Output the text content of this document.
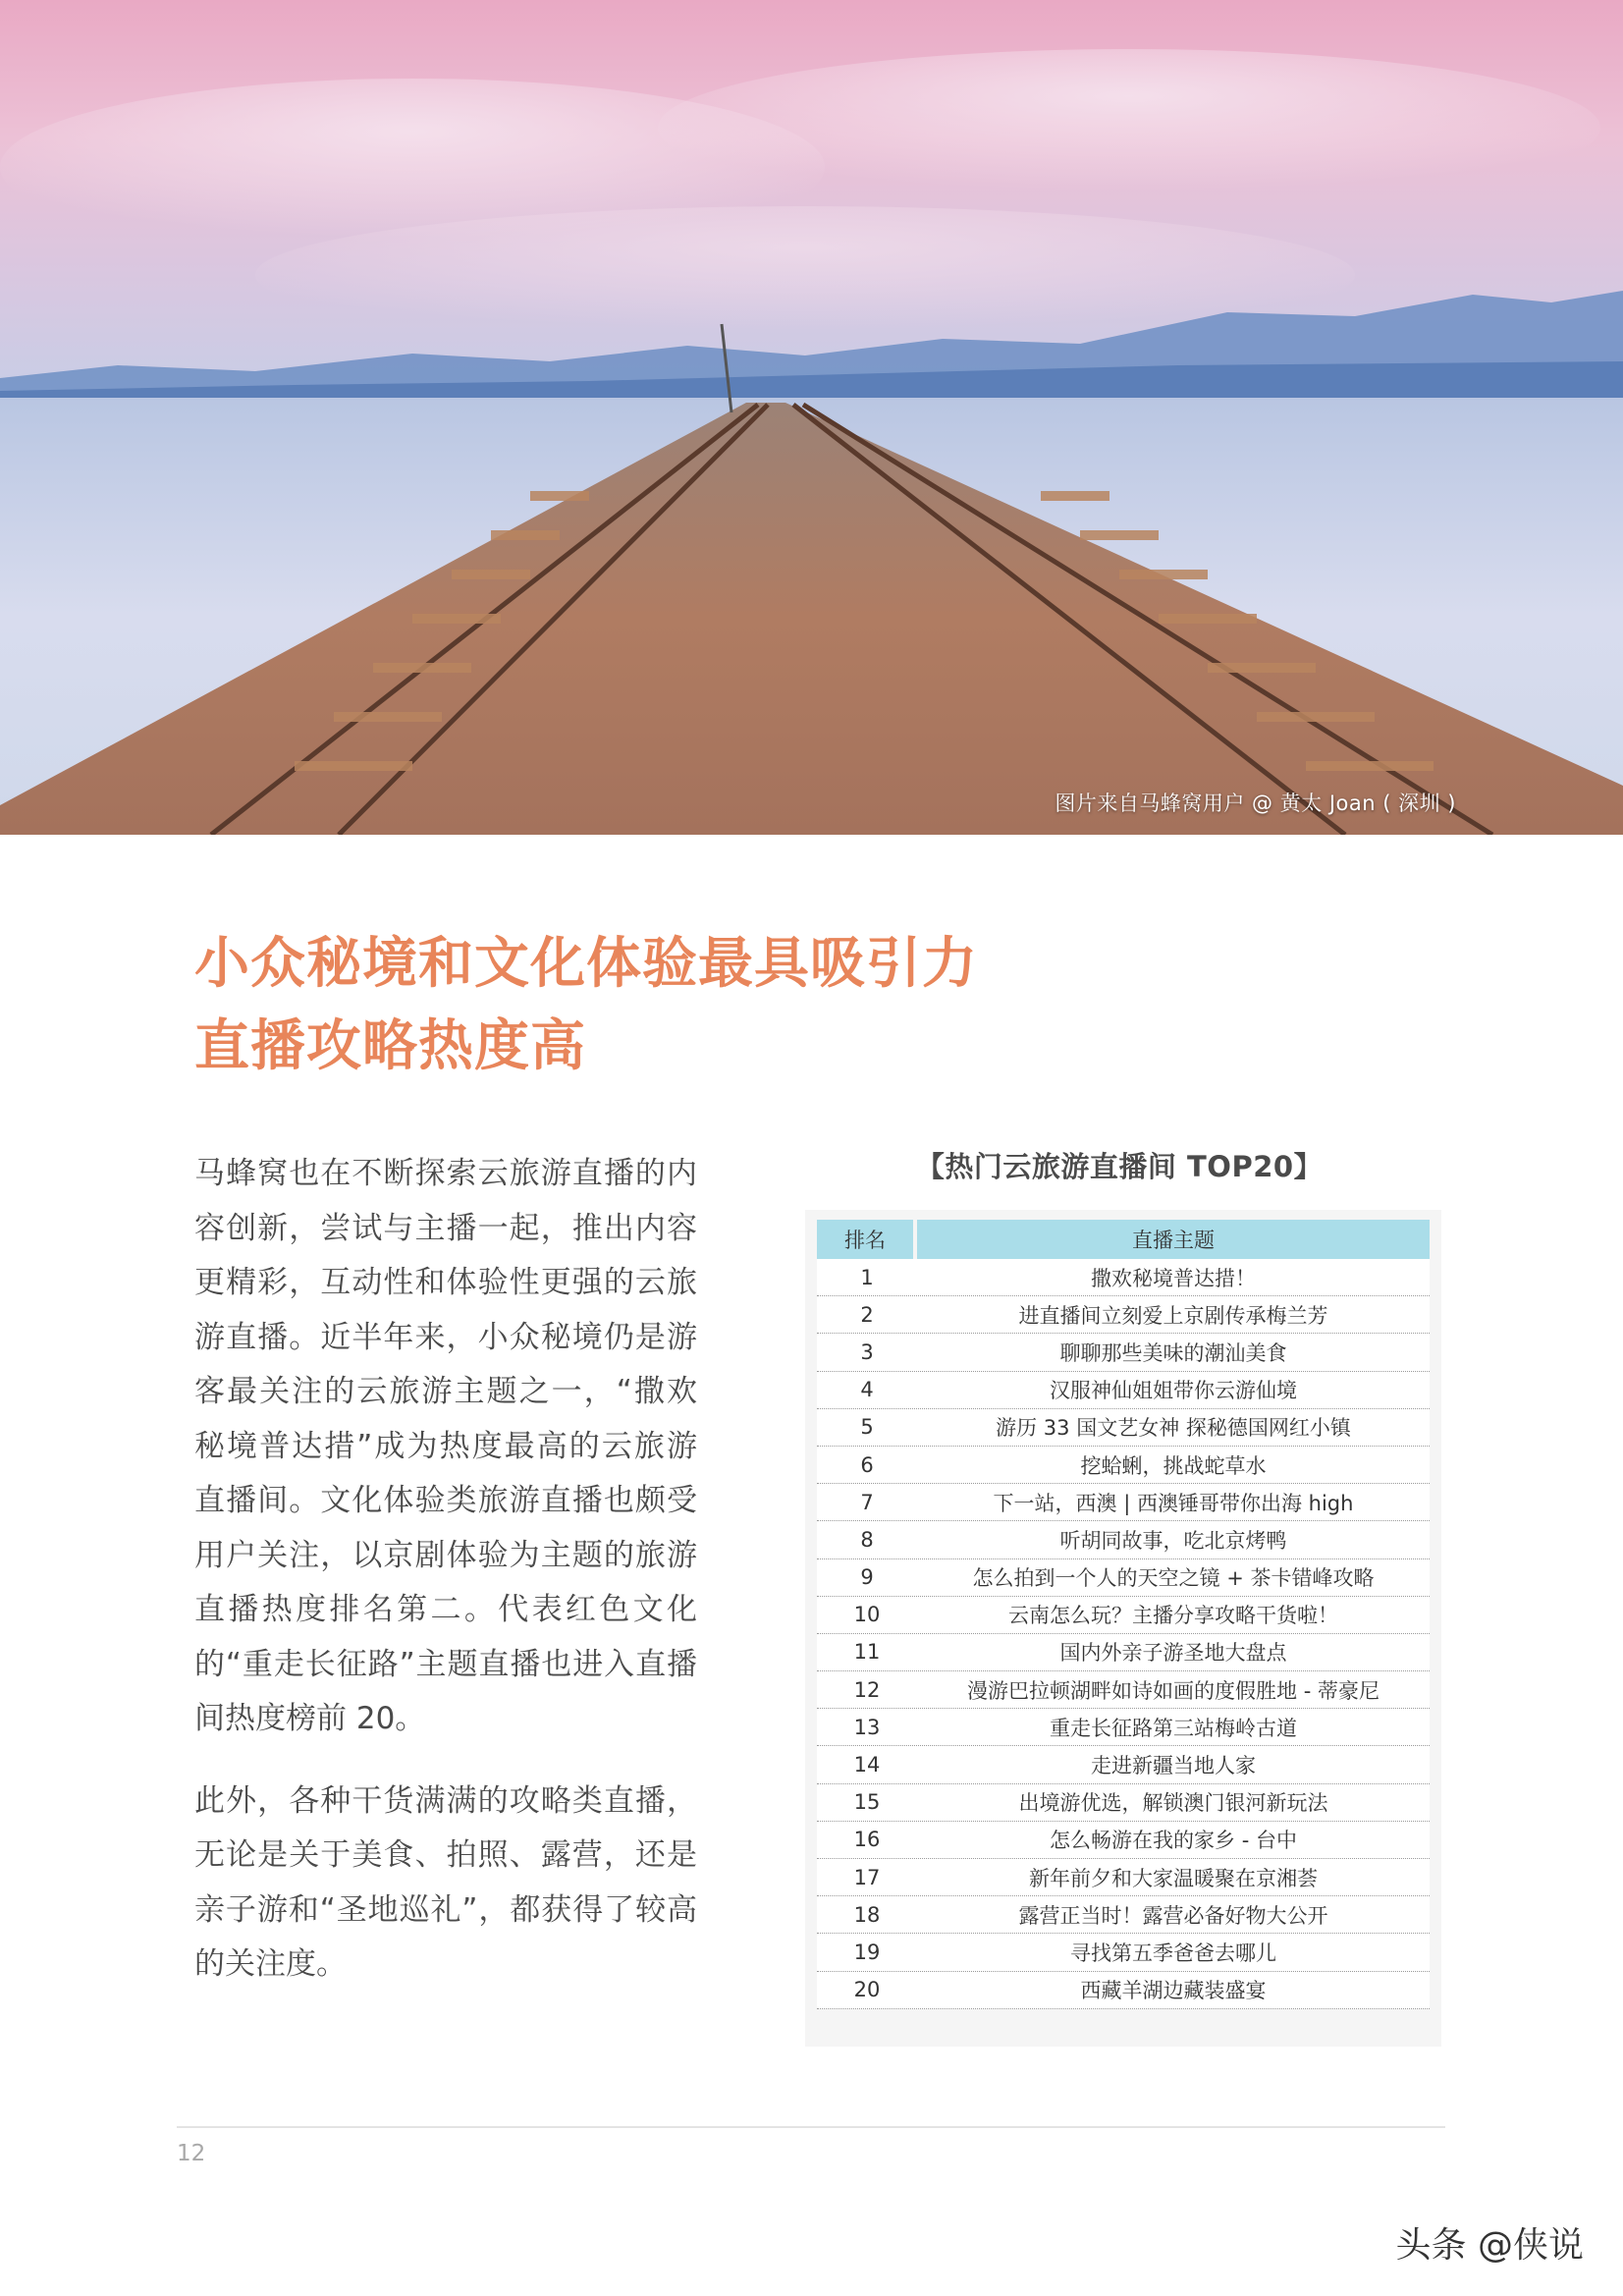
图片来自马蜂窝用户 @ 黄太 Joan ( 深圳 )
小众秘境和文化体验最具吸引力
直播攻略热度高

马蜂窝也在不断探索云旅游直播的内容创新，尝试与主播一起，推出内容更精彩，互动性和体验性更强的云旅游直播。近半年来，小众秘境仍是游客最关注的云旅游主题之一，“撒欢秘境普达措”成为热度最高的云旅游直播间。文化体验类旅游直播也颇受用户关注，以京剧体验为主题的旅游直播热度排名第二。代表红色文化的“重走长征路”主题直播也进入直播间热度榜前 20。

此外，各种干货满满的攻略类直播，无论是关于美食、拍照、露营，还是亲子游和“圣地巡礼”，都获得了较高的关注度。

【热门云旅游直播间 TOP20】
排名	直播主题
1	撒欢秘境普达措！
2	进直播间立刻爱上京剧传承梅兰芳
3	聊聊那些美味的潮汕美食
4	汉服神仙姐姐带你云游仙境
5	游历 33 国文艺女神 探秘德国网红小镇
6	挖蛤蜊，挑战蛇草水
7	下一站，西澳 | 西澳锤哥带你出海 high
8	听胡同故事，吃北京烤鸭
9	怎么拍到一个人的天空之镜 + 茶卡错峰攻略
10	云南怎么玩？主播分享攻略干货啦！
11	国内外亲子游圣地大盘点
12	漫游巴拉顿湖畔如诗如画的度假胜地 - 蒂豪尼
13	重走长征路第三站梅岭古道
14	走进新疆当地人家
15	出境游优选，解锁澳门银河新玩法
16	怎么畅游在我的家乡 - 台中
17	新年前夕和大家温暖聚在京湘荟
18	露营正当时！露营必备好物大公开
19	寻找第五季爸爸去哪儿
20	西藏羊湖边藏装盛宴
12
头条 @侠说
